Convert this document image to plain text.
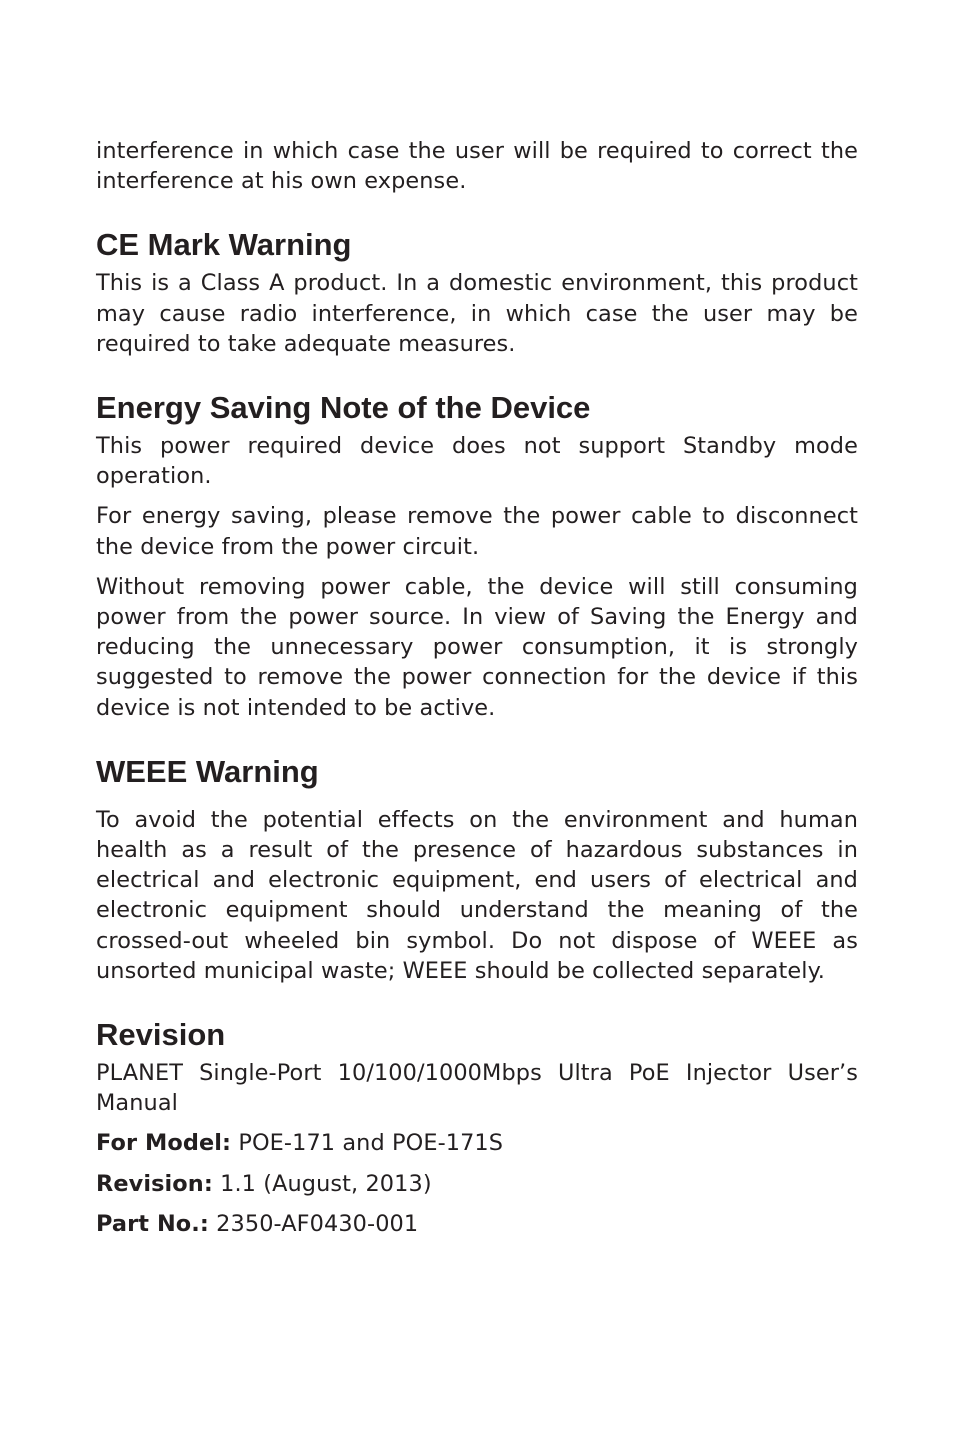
interference in which case the user will be required to correct the interference at his own expense.

CE Mark Warning

This is a Class A product. In a domestic environment, this product may cause radio interference, in which case the user may be required to take adequate measures.

Energy Saving Note of the Device

This power required device does not support Standby mode operation.

For energy saving, please remove the power cable to disconnect the device from the power circuit.

Without removing power cable, the device will still consuming power from the power source. In view of Saving the Energy and reducing the unnecessary power consumption, it is strongly suggested to remove the power connection for the device if this device is not intended to be active.

WEEE Warning

To avoid the potential effects on the environment and human health as a result of the presence of hazardous substances in electrical and electronic equipment, end users of electrical and electronic equipment should understand the meaning of the crossed-out wheeled bin symbol. Do not dispose of WEEE as unsorted municipal waste; WEEE should be collected separately.

Revision

PLANET Single-Port 10/100/1000Mbps Ultra PoE Injector User’s Manual

For Model: POE-171 and POE-171S

Revision: 1.1 (August, 2013)

Part No.: 2350-AF0430-001
